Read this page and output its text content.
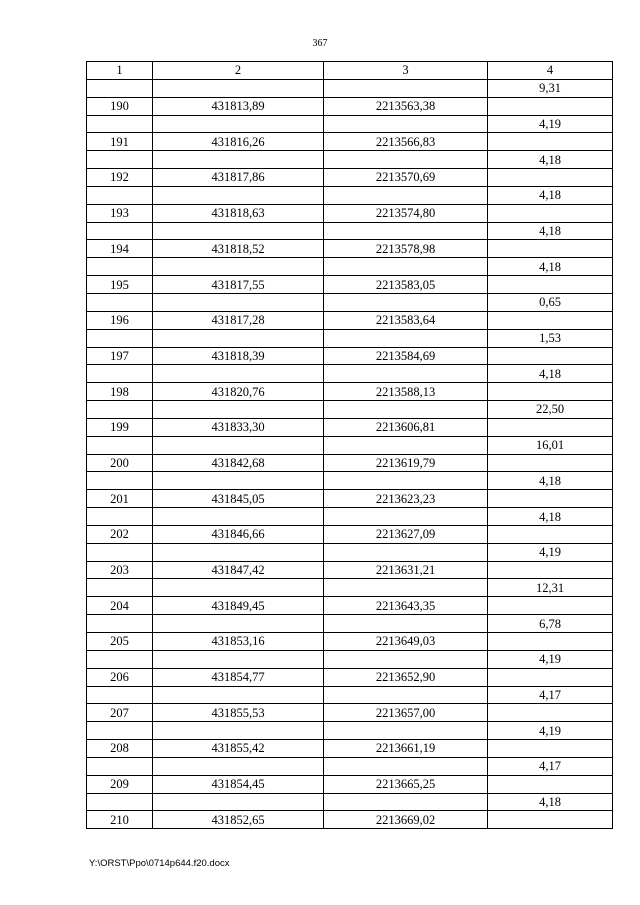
367
1	2	3	4
			9,31
190	431813,89	2213563,38	
			4,19
191	431816,26	2213566,83	
			4,18
192	431817,86	2213570,69	
			4,18
193	431818,63	2213574,80	
			4,18
194	431818,52	2213578,98	
			4,18
195	431817,55	2213583,05	
			0,65
196	431817,28	2213583,64	
			1,53
197	431818,39	2213584,69	
			4,18
198	431820,76	2213588,13	
			22,50
199	431833,30	2213606,81	
			16,01
200	431842,68	2213619,79	
			4,18
201	431845,05	2213623,23	
			4,18
202	431846,66	2213627,09	
			4,19
203	431847,42	2213631,21	
			12,31
204	431849,45	2213643,35	
			6,78
205	431853,16	2213649,03	
			4,19
206	431854,77	2213652,90	
			4,17
207	431855,53	2213657,00	
			4,19
208	431855,42	2213661,19	
			4,17
209	431854,45	2213665,25	
			4,18
210	431852,65	2213669,02	
Y:\ORST\Ppo\0714p644.f20.docx
